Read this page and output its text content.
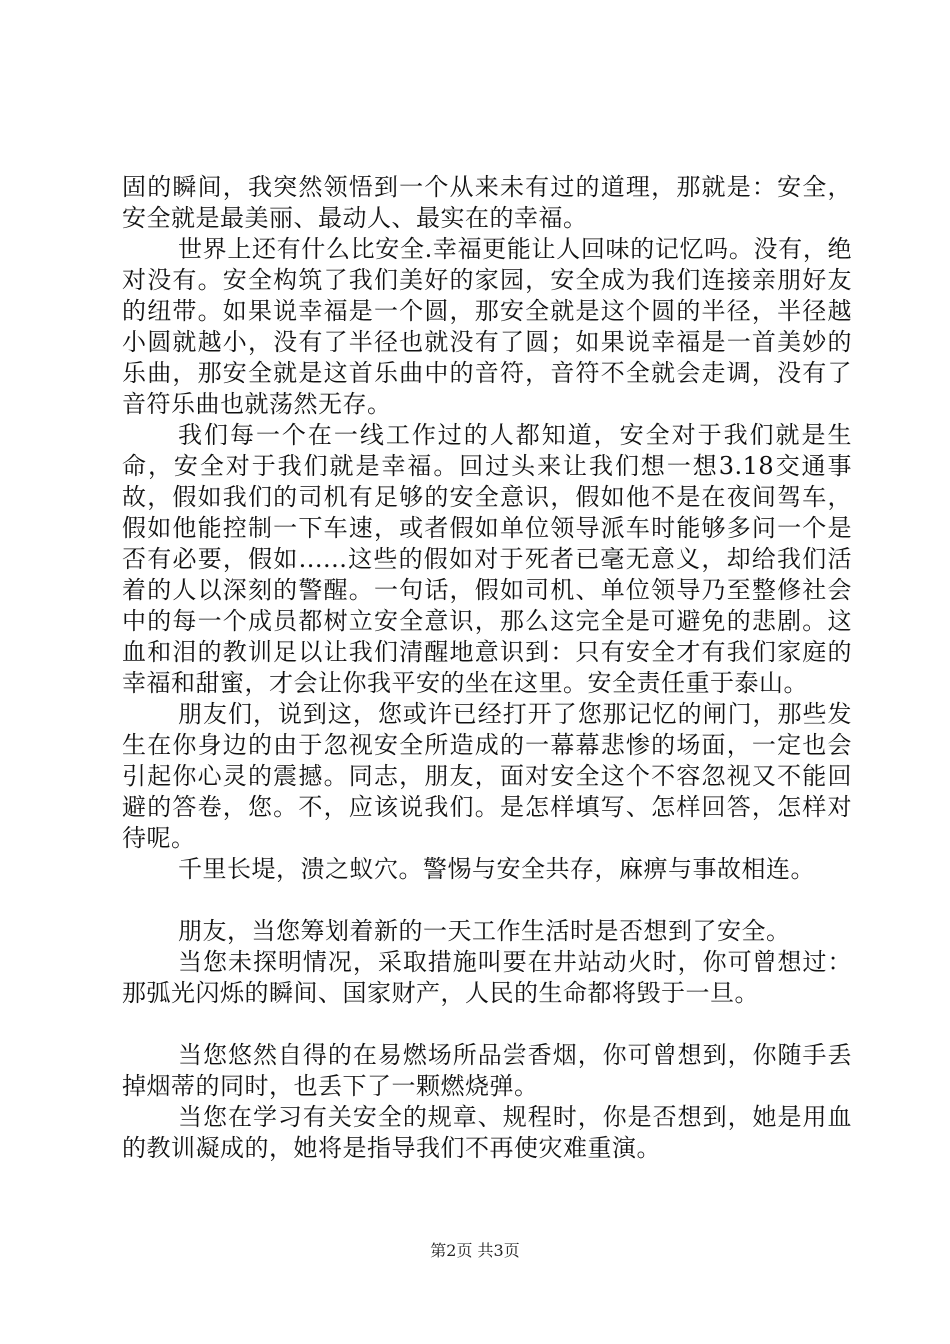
固的瞬间，我突然领悟到一个从来未有过的道理，那就是：安全，安全就是最美丽、最动人、最实在的幸福。

世界上还有什么比安全.幸福更能让人回味的记忆吗。没有，绝对没有。安全构筑了我们美好的家园，安全成为我们连接亲朋好友的纽带。如果说幸福是一个圆，那安全就是这个圆的半径，半径越小圆就越小，没有了半径也就没有了圆；如果说幸福是一首美妙的乐曲，那安全就是这首乐曲中的音符，音符不全就会走调，没有了音符乐曲也就荡然无存。

我们每一个在一线工作过的人都知道，安全对于我们就是生命，安全对于我们就是幸福。回过头来让我们想一想3.18交通事故，假如我们的司机有足够的安全意识，假如他不是在夜间驾车，假如他能控制一下车速，或者假如单位领导派车时能够多问一个是否有必要，假如......这些的假如对于死者已毫无意义，却给我们活着的人以深刻的警醒。一句话，假如司机、单位领导乃至整修社会中的每一个成员都树立安全意识，那么这完全是可避免的悲剧。这血和泪的教训足以让我们清醒地意识到：只有安全才有我们家庭的幸福和甜蜜，才会让你我平安的坐在这里。安全责任重于泰山。

朋友们，说到这，您或许已经打开了您那记忆的闸门，那些发生在你身边的由于忽视安全所造成的一幕幕悲惨的场面，一定也会引起你心灵的震撼。同志，朋友，面对安全这个不容忽视又不能回避的答卷，您。不，应该说我们。是怎样填写、怎样回答，怎样对待呢。

千里长堤，溃之蚁穴。警惕与安全共存，麻痹与事故相连。

朋友，当您筹划着新的一天工作生活时是否想到了安全。

当您未探明情况，采取措施叫要在井站动火时，你可曾想过：那弧光闪烁的瞬间、国家财产，人民的生命都将毁于一旦。

当您悠然自得的在易燃场所品尝香烟，你可曾想到，你随手丢掉烟蒂的同时，也丢下了一颗燃烧弹。

当您在学习有关安全的规章、规程时，你是否想到，她是用血的教训凝成的，她将是指导我们不再使灾难重演。

第2页 共3页
